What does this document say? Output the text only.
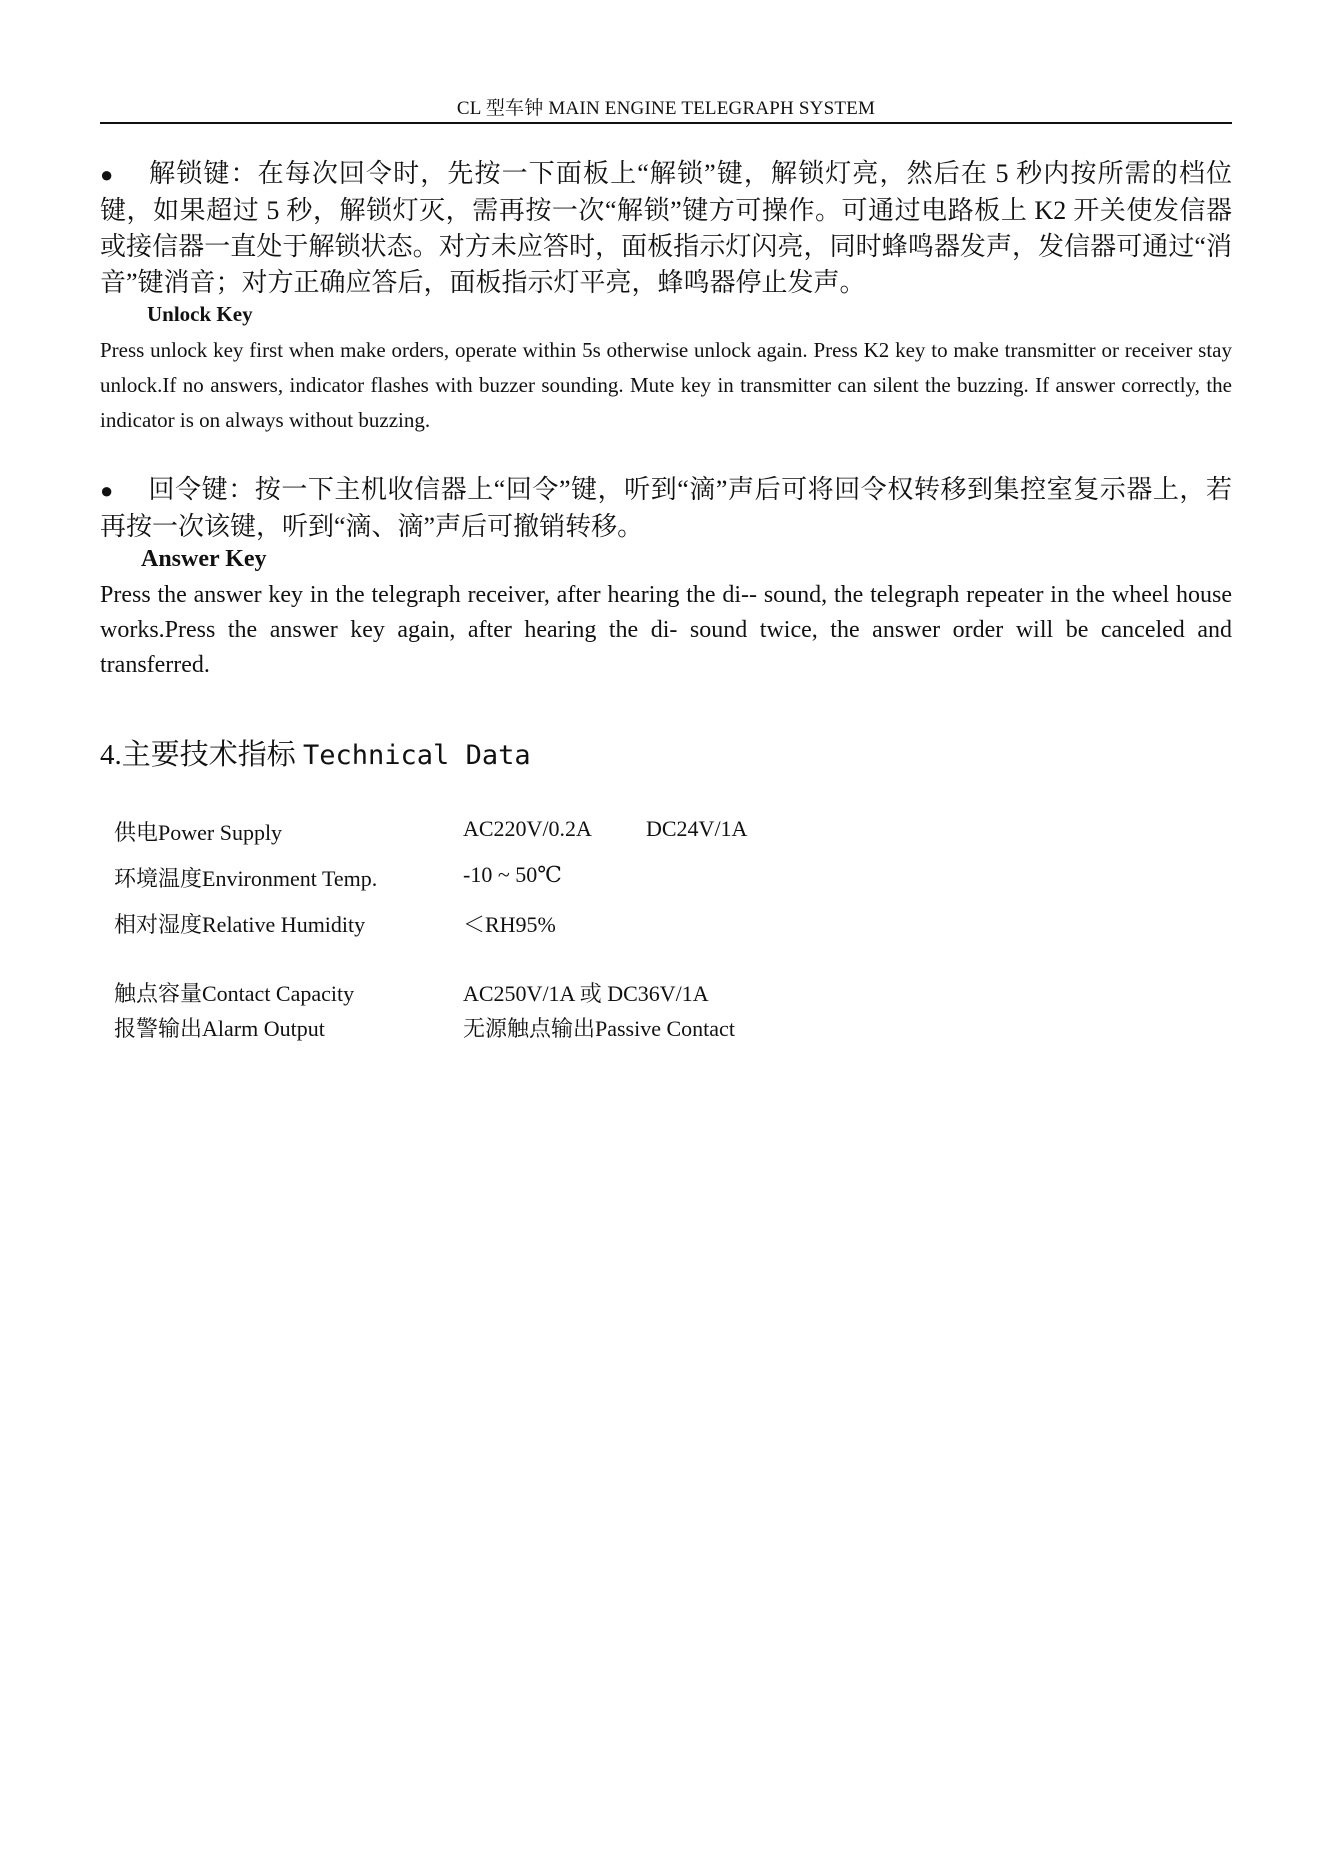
CL 型车钟 MAIN ENGINE TELEGRAPH SYSTEM
● 解锁键：在每次回令时，先按一下面板上“解锁”键，解锁灯亮，然后在 5 秒内按所需的档位键，如果超过 5 秒，解锁灯灭，需再按一次“解锁”键方可操作。可通过电路板上 K2 开关使发信器或接信器一直处于解锁状态。对方未应答时，面板指示灯闪亮，同时蜂鸣器发声，发信器可通过“消音”键消音；对方正确应答后，面板指示灯平亮，蜂鸣器停止发声。
Unlock Key
Press unlock key first when make orders, operate within 5s otherwise unlock again. Press K2 key to make transmitter or receiver stay unlock.If no answers, indicator flashes with buzzer sounding. Mute key in transmitter can silent the buzzing. If answer correctly, the indicator is on always without buzzing.
● 回令键：按一下主机收信器上“回令”键，听到“滴”声后可将回令权转移到集控室复示器上，若再按一次该键，听到“滴、滴”声后可撤销转移。
Answer Key
Press the answer key in the telegraph receiver, after hearing the di-- sound, the telegraph repeater in the wheel house works.Press the answer key again, after hearing the di- sound twice, the answer order will be canceled and transferred.
4.主要技术指标 Technical Data
供电Power Supply	AC220V/0.2A DC24V/1A
环境温度Environment Temp.	-10 ~ 50℃
相对湿度Relative Humidity	＜RH95%
触点容量Contact Capacity	AC250V/1A 或 DC36V/1A
报警输出Alarm Output	无源触点输出Passive Contact
